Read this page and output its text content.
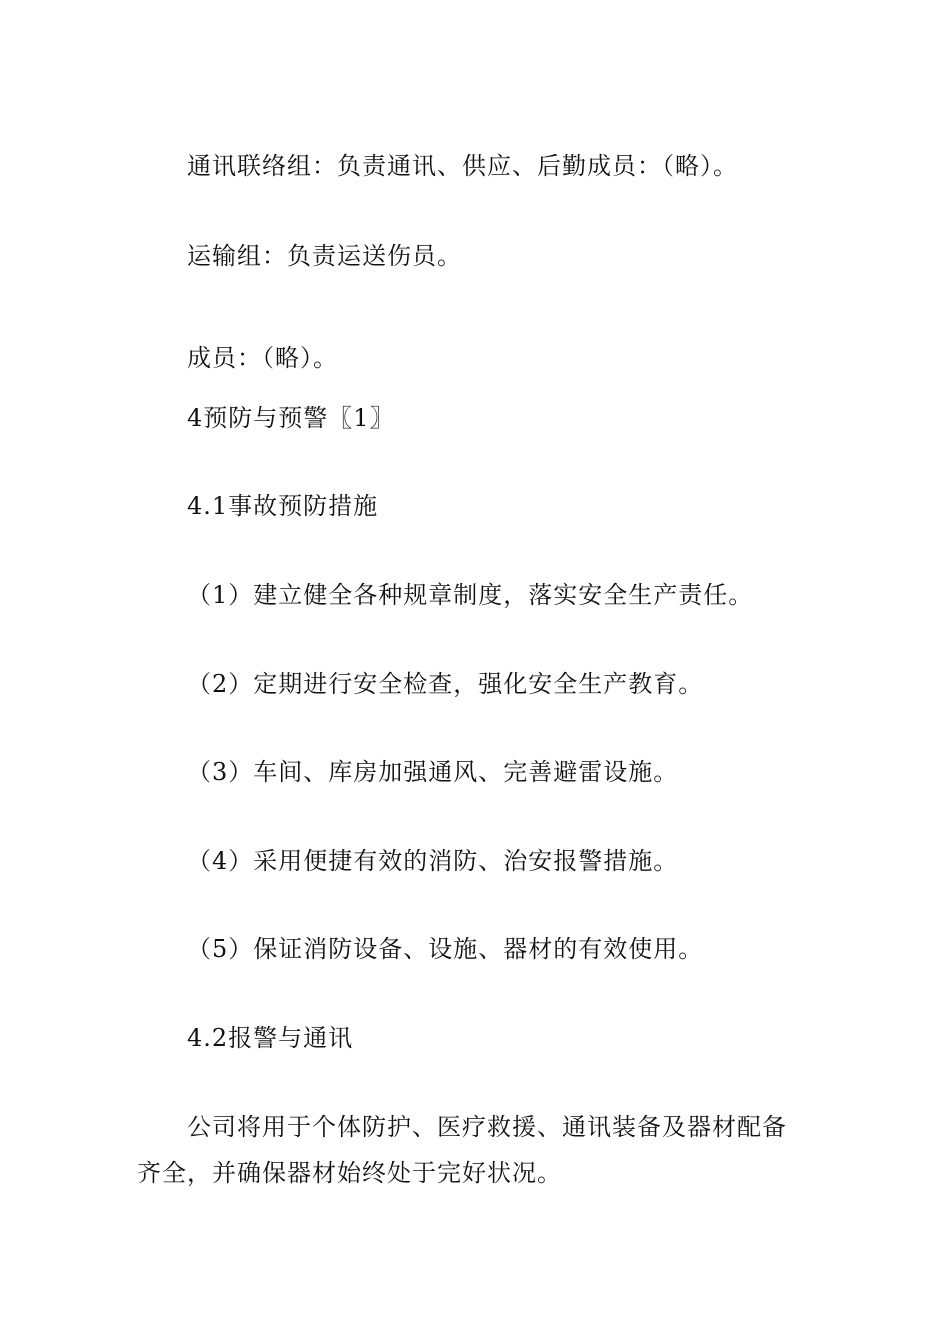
通讯联络组：负责通讯、供应、后勤成员：（略）。
运输组：负责运送伤员。
成员：（略）。
4预防与预警〖1〗
4.1事故预防措施
（1）建立健全各种规章制度，落实安全生产责任。
（2）定期进行安全检查，强化安全生产教育。
（3）车间、库房加强通风、完善避雷设施。
（4）采用便捷有效的消防、治安报警措施。
（5）保证消防设备、设施、器材的有效使用。
4.2报警与通讯
公司将用于个体防护、医疗救援、通讯装备及器材配备
齐全，并确保器材始终处于完好状况。
